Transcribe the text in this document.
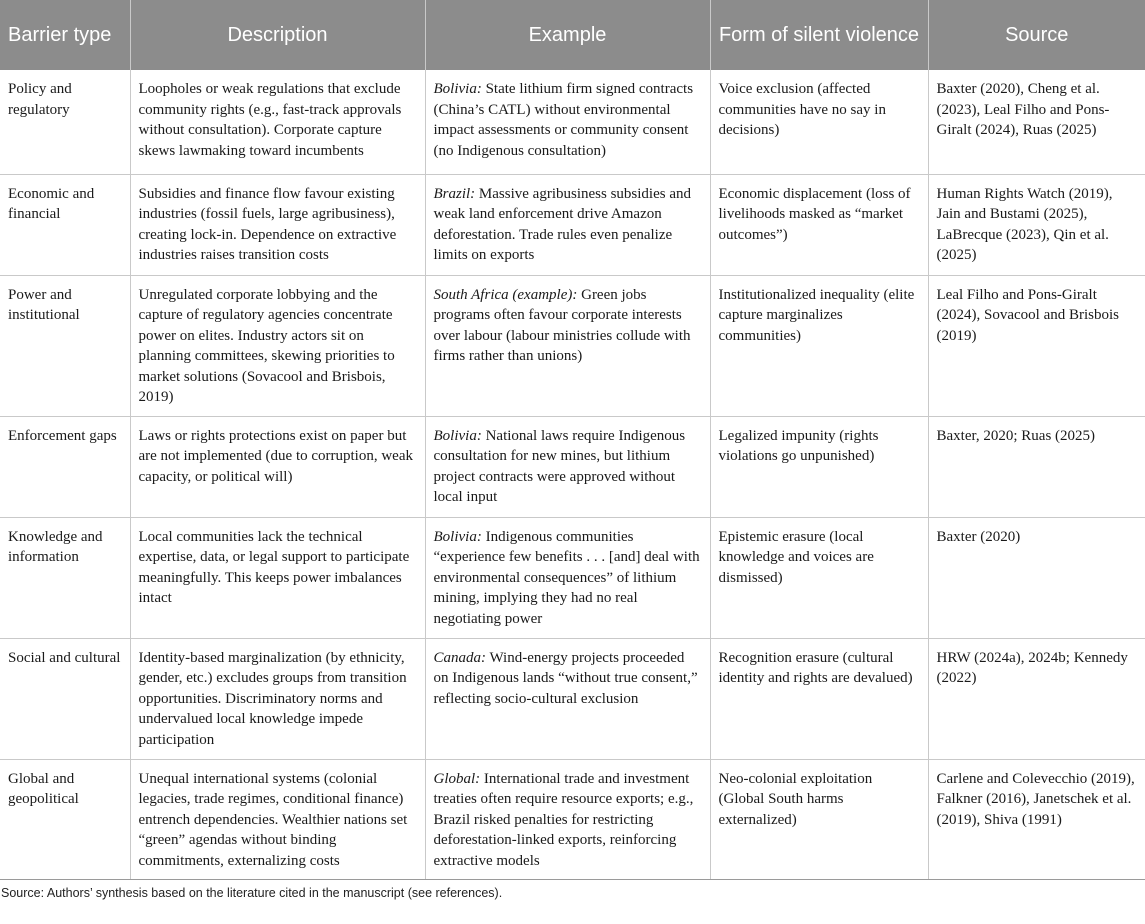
Barrier type	Description	Example	Form of silent violence	Source
Policy and regulatory	Loopholes or weak regulations that exclude community rights (e.g., fast-track approvals without consultation). Corporate capture skews lawmaking toward incumbents	Bolivia: State lithium firm signed contracts (China’s CATL) without environmental impact assessments or community consent (no Indigenous consultation)	Voice exclusion (affected communities have no say in decisions)	Baxter (2020), Cheng et al. (2023), Leal Filho and Pons-Giralt (2024), Ruas (2025)
Economic and financial	Subsidies and finance flow favour existing industries (fossil fuels, large agribusiness), creating lock-in. Dependence on extractive industries raises transition costs	Brazil: Massive agribusiness subsidies and weak land enforcement drive Amazon deforestation. Trade rules even penalize limits on exports	Economic displacement (loss of livelihoods masked as “market outcomes”)	Human Rights Watch (2019), Jain and Bustami (2025), LaBrecque (2023), Qin et al. (2025)
Power and institutional	Unregulated corporate lobbying and the capture of regulatory agencies concentrate power on elites. Industry actors sit on planning committees, skewing priorities to market solutions (Sovacool and Brisbois, 2019)	South Africa (example): Green jobs programs often favour corporate interests over labour (labour ministries collude with firms rather than unions)	Institutionalized inequality (elite capture marginalizes communities)	Leal Filho and Pons-Giralt (2024), Sovacool and Brisbois (2019)
Enforcement gaps	Laws or rights protections exist on paper but are not implemented (due to corruption, weak capacity, or political will)	Bolivia: National laws require Indigenous consultation for new mines, but lithium project contracts were approved without local input	Legalized impunity (rights violations go unpunished)	Baxter, 2020; Ruas (2025)
Knowledge and information	Local communities lack the technical expertise, data, or legal support to participate meaningfully. This keeps power imbalances intact	Bolivia: Indigenous communities “experience few benefits . . . [and] deal with environmental consequences” of lithium mining, implying they had no real negotiating power	Epistemic erasure (local knowledge and voices are dismissed)	Baxter (2020)
Social and cultural	Identity-based marginalization (by ethnicity, gender, etc.) excludes groups from transition opportunities. Discriminatory norms and undervalued local knowledge impede participation	Canada: Wind-energy projects proceeded on Indigenous lands “without true consent,” reflecting socio-cultural exclusion	Recognition erasure (cultural identity and rights are devalued)	HRW (2024a), 2024b; Kennedy (2022)
Global and geopolitical	Unequal international systems (colonial legacies, trade regimes, conditional finance) entrench dependencies. Wealthier nations set “green” agendas without binding commitments, externalizing costs	Global: International trade and investment treaties often require resource exports; e.g., Brazil risked penalties for restricting deforestation-linked exports, reinforcing extractive models	Neo-colonial exploitation (Global South harms externalized)	Carlene and Colevecchio (2019), Falkner (2016), Janetschek et al. (2019), Shiva (1991)
Source: Authors’ synthesis based on the literature cited in the manuscript (see references).
